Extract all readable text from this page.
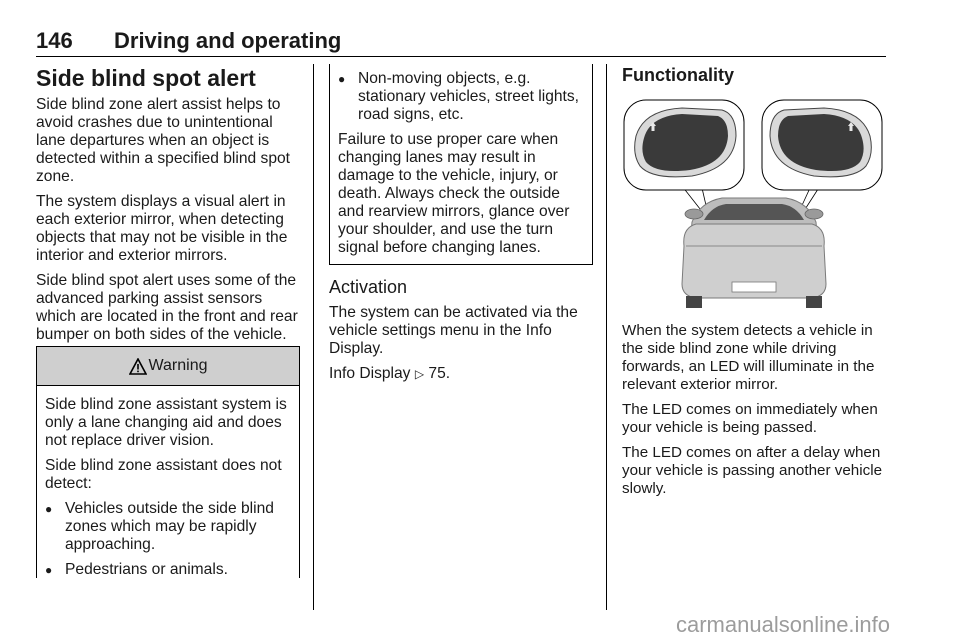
146 Driving and operating
Side blind spot alert

Side blind zone alert assist helps to avoid crashes due to unintentional lane departures when an object is detected within a specified blind spot zone.

The system displays a visual alert in each exterior mirror, when detecting objects that may not be visible in the interior and exterior mirrors.

Side blind spot alert uses some of the advanced parking assist sensors which are located in the front and rear bumper on both sides of the vehicle.

Warning

Side blind zone assistant system is only a lane changing aid and does not replace driver vision.

Side blind zone assistant does not detect:

● Vehicles outside the side blind zones which may be rapidly approaching.
● Pedestrians or animals.
● Non-moving objects, e.g. stationary vehicles, street lights, road signs, etc.

Failure to use proper care when changing lanes may result in damage to the vehicle, injury, or death. Always check the outside and rearview mirrors, glance over your shoulder, and use the turn signal before changing lanes.

Activation

The system can be activated via the vehicle settings menu in the Info Display.

Info Display ▷ 75.

Functionality

When the system detects a vehicle in the side blind zone while driving forwards, an LED will illuminate in the relevant exterior mirror.

The LED comes on immediately when your vehicle is being passed.

The LED comes on after a delay when your vehicle is passing another vehicle slowly.

carmanualsonline.info
